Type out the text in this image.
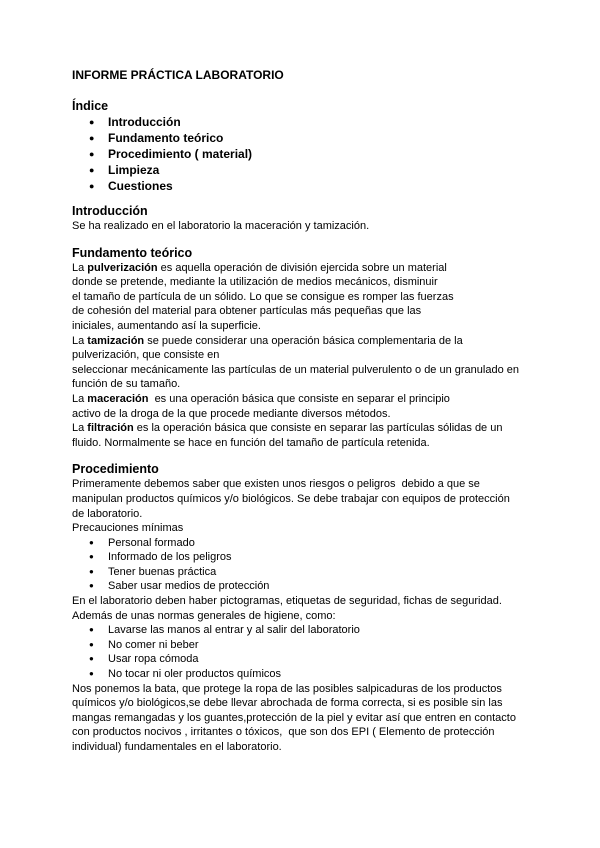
INFORME PRÁCTICA LABORATORIO
Índice
● Introducción
● Fundamento teórico
● Procedimiento ( material)
● Limpieza
● Cuestiones
Introducción

Se ha realizado en el laboratorio la maceración y tamización.

Fundamento teórico
La pulverización es aquella operación de división ejercida sobre un material
donde se pretende, mediante la utilización de medios mecánicos, disminuir
el tamaño de partícula de un sólido. Lo que se consigue es romper las fuerzas
de cohesión del material para obtener partículas más pequeñas que las
iniciales, aumentando así la superficie.
La tamización se puede considerar una operación básica complementaria de la
pulverización, que consiste en
seleccionar mecánicamente las partículas de un material pulverulento o de un granulado en
función de su tamaño.
La maceración  es una operación básica que consiste en separar el principio
activo de la droga de la que procede mediante diversos métodos.
La filtración es la operación básica que consiste en separar las partículas sólidas de un
fluido. Normalmente se hace en función del tamaño de partícula retenida.
Procedimiento
Primeramente debemos saber que existen unos riesgos o peligros  debido a que se
manipulan productos químicos y/o biológicos. Se debe trabajar con equipos de protección
de laboratorio.
Precauciones mínimas
● Personal formado
● Informado de los peligros
● Tener buenas práctica
● Saber usar medios de protección
En el laboratorio deben haber pictogramas, etiquetas de seguridad, fichas de seguridad.
Además de unas normas generales de higiene, como:
● Lavarse las manos al entrar y al salir del laboratorio
● No comer ni beber
● Usar ropa cómoda
● No tocar ni oler productos químicos
Nos ponemos la bata, que protege la ropa de las posibles salpicaduras de los productos
químicos y/o biológicos,se debe llevar abrochada de forma correcta, si es posible sin las
mangas remangadas y los guantes,protección de la piel y evitar así que entren en contacto
con productos nocivos , irritantes o tóxicos,  que son dos EPI ( Elemento de protección
individual) fundamentales en el laboratorio.
